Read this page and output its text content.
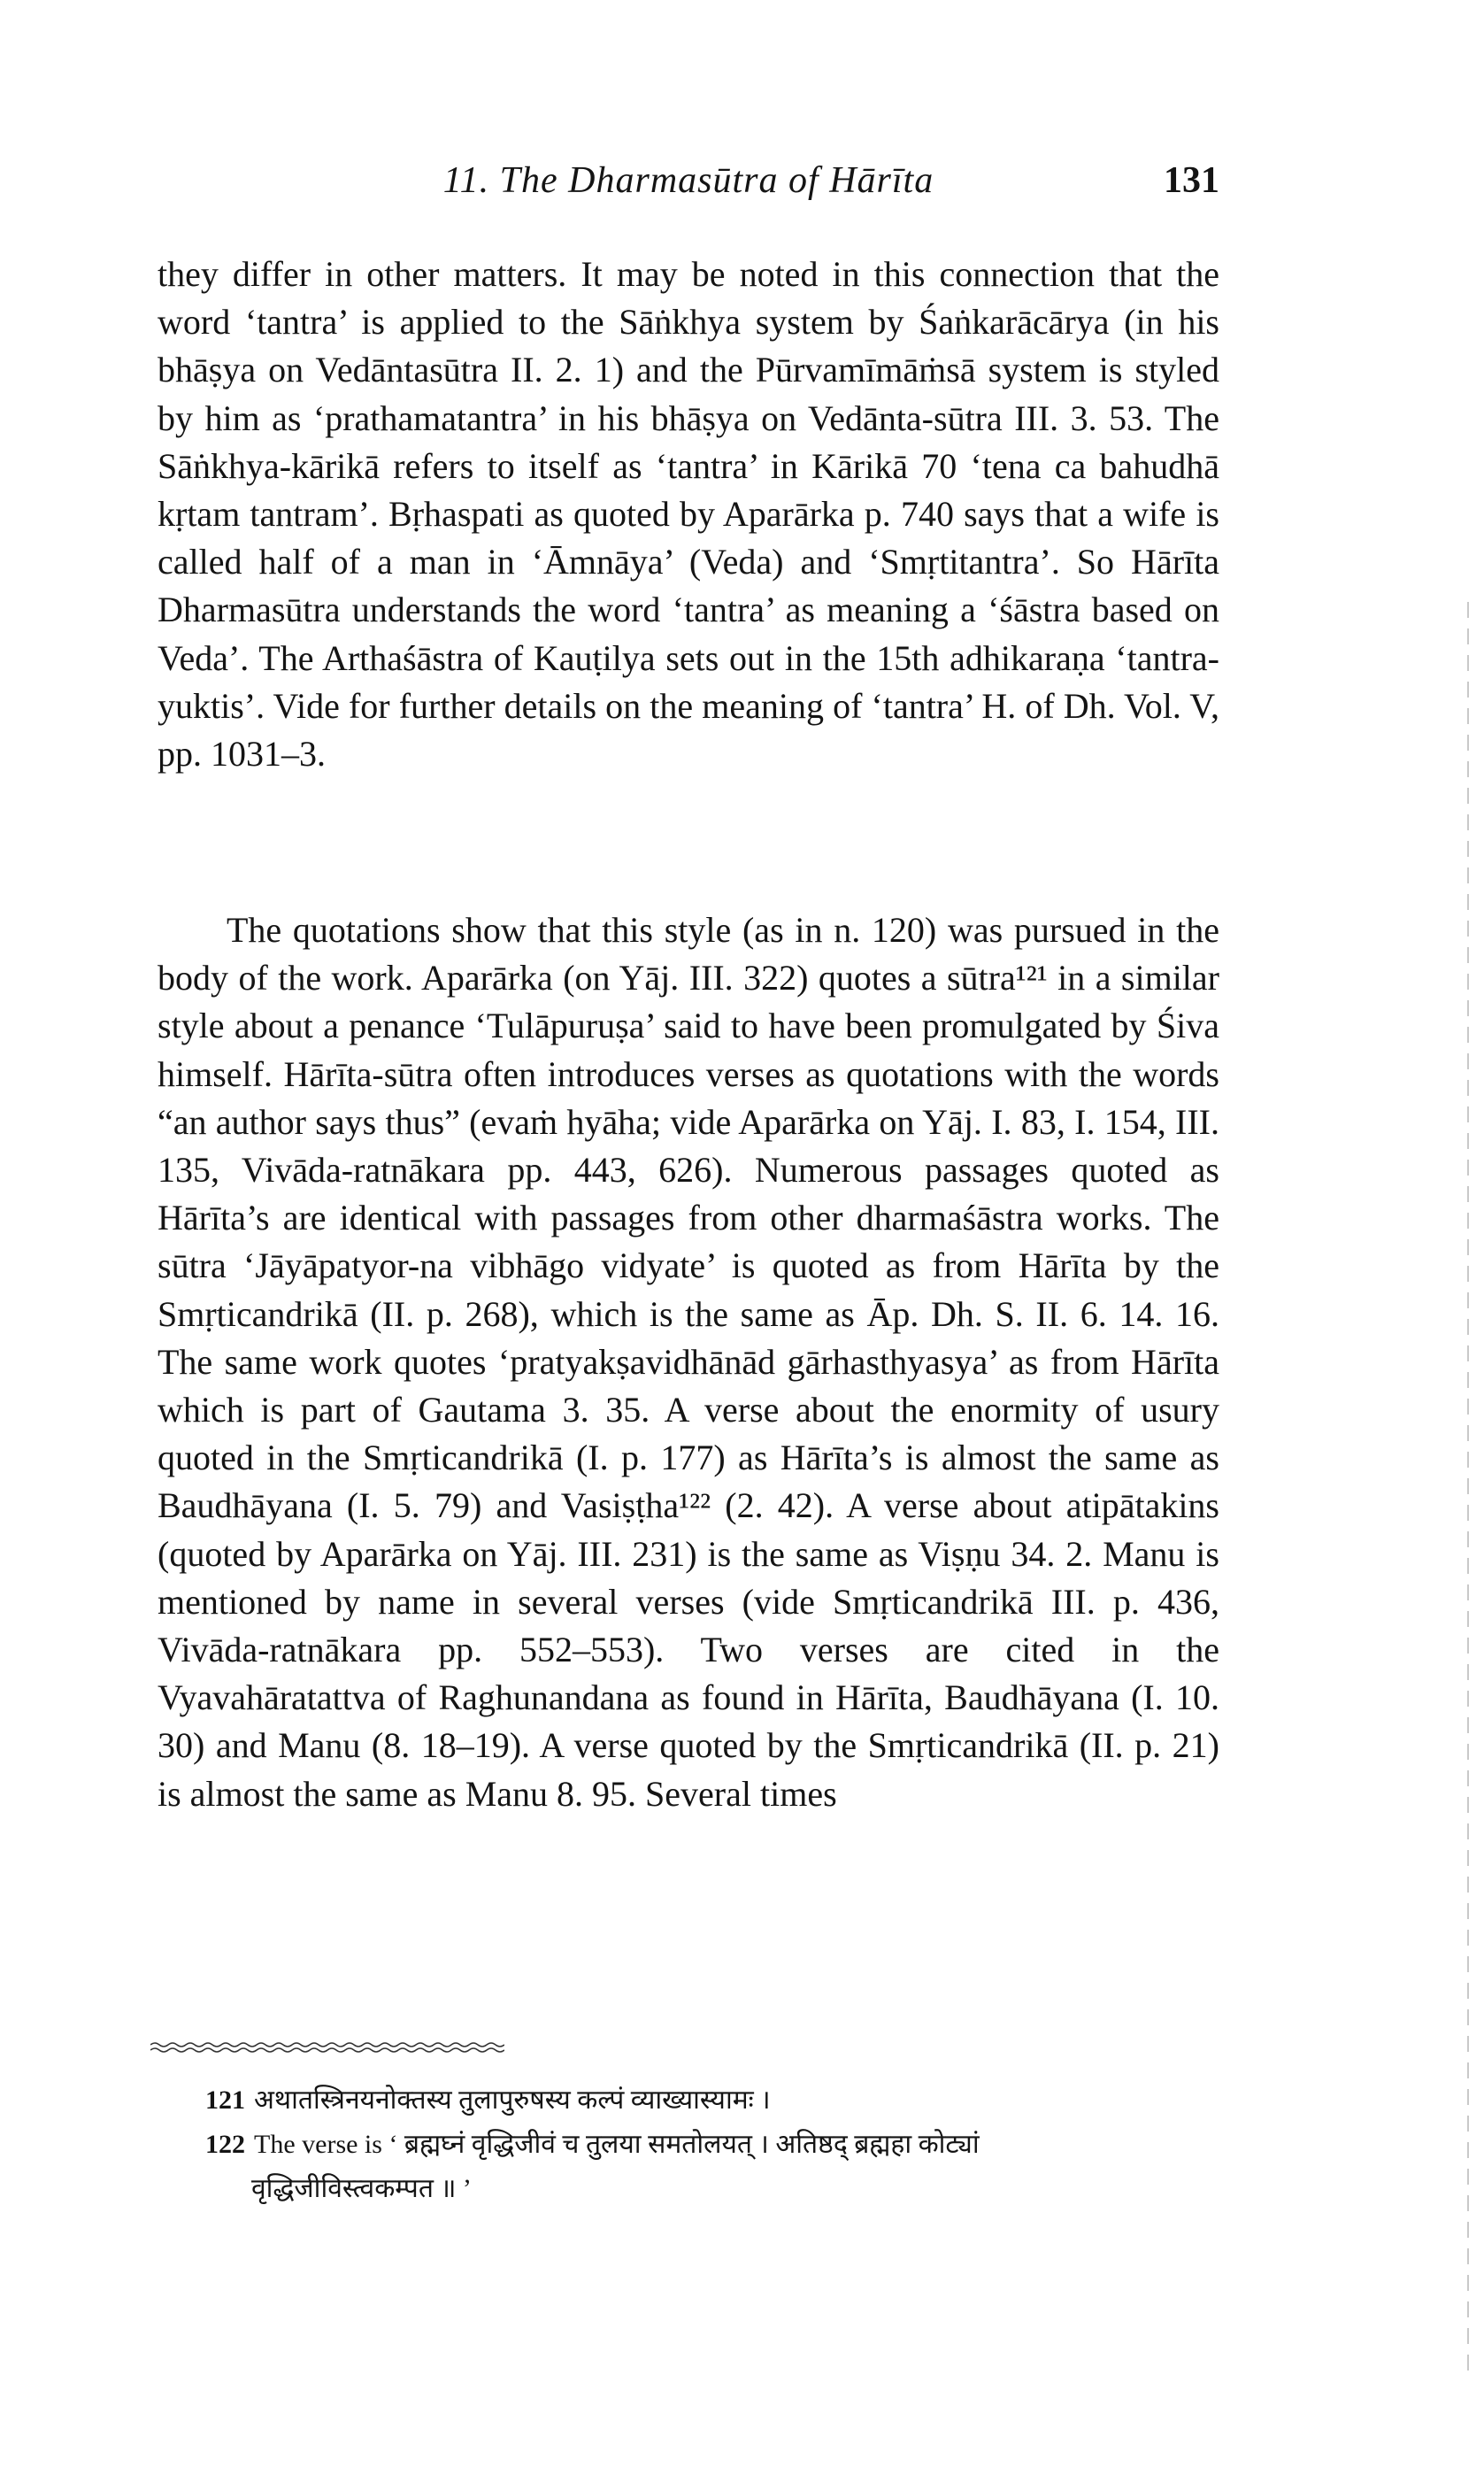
11. The Dharmasūtra of Hārīta	131

they differ in other matters. It may be noted in this connection that the word ‘tantra’ is applied to the Sāṅkhya system by Śaṅkarācārya (in his bhāṣya on Vedāntasūtra II. 2. 1) and the Pūrvamīmāṁsā system is styled by him as ‘prathamatantra’ in his bhāṣya on Vedānta-sūtra III. 3. 53. The Sāṅkhya-kārikā refers to itself as ‘tantra’ in Kārikā 70 ‘tena ca bahudhā kṛtam tantram’. Bṛhaspati as quoted by Aparārka p. 740 says that a wife is called half of a man in ‘Āmnāya’ (Veda) and ‘Smṛtitantra’. So Hārīta Dharmasūtra understands the word ‘tantra’ as meaning a ‘śāstra based on Veda’. The Arthaśāstra of Kauṭilya sets out in the 15th adhikaraṇa ‘tantra-yuktis’. Vide for further details on the meaning of ‘tantra’ H. of Dh. Vol. V, pp. 1031–3.

The quotations show that this style (as in n. 120) was pursued in the body of the work. Aparārka (on Yāj. III. 322) quotes a sūtra¹²¹ in a similar style about a penance ‘Tulāpuruṣa’ said to have been promulgated by Śiva himself. Hārīta-sūtra often introduces verses as quotations with the words “an author says thus” (evaṁ hyāha; vide Aparārka on Yāj. I. 83, I. 154, III. 135, Vivāda-ratnākara pp. 443, 626). Numerous passages quoted as Hārīta’s are identical with passages from other dharmaśāstra works. The sūtra ‘Jāyāpatyor-na vibhāgo vidyate’ is quoted as from Hārīta by the Smṛticandrikā (II. p. 268), which is the same as Āp. Dh. S. II. 6. 14. 16. The same work quotes ‘pratyakṣavidhānād gārhasthyasya’ as from Hārīta which is part of Gautama 3. 35. A verse about the enormity of usury quoted in the Smṛticandrikā (I. p. 177) as Hārīta’s is almost the same as Baudhāyana (I. 5. 79) and Vasiṣṭha¹²² (2. 42). A verse about atipātakins (quoted by Aparārka on Yāj. III. 231) is the same as Viṣṇu 34. 2. Manu is mentioned by name in several verses (vide Smṛticandrikā III. p. 436, Vivāda-ratnākara pp. 552–553). Two verses are cited in the Vyavahāratattva of Raghunandana as found in Hārīta, Baudhāyana (I. 10. 30) and Manu (8. 18–19). A verse quoted by the Smṛticandrikā (II. p. 21) is almost the same as Manu 8. 95. Several times

121 अथातस्त्रिनयनोक्तस्य तुलापुरुषस्य कल्पं व्याख्यास्यामः ।

122 The verse is ‘ ब्रह्मघ्नं वृद्धिजीवं च तुलया समतोलयत् । अतिष्ठद् ब्रह्महा कोट्यां

वृद्धिजीविस्त्वकम्पत ॥ ’
